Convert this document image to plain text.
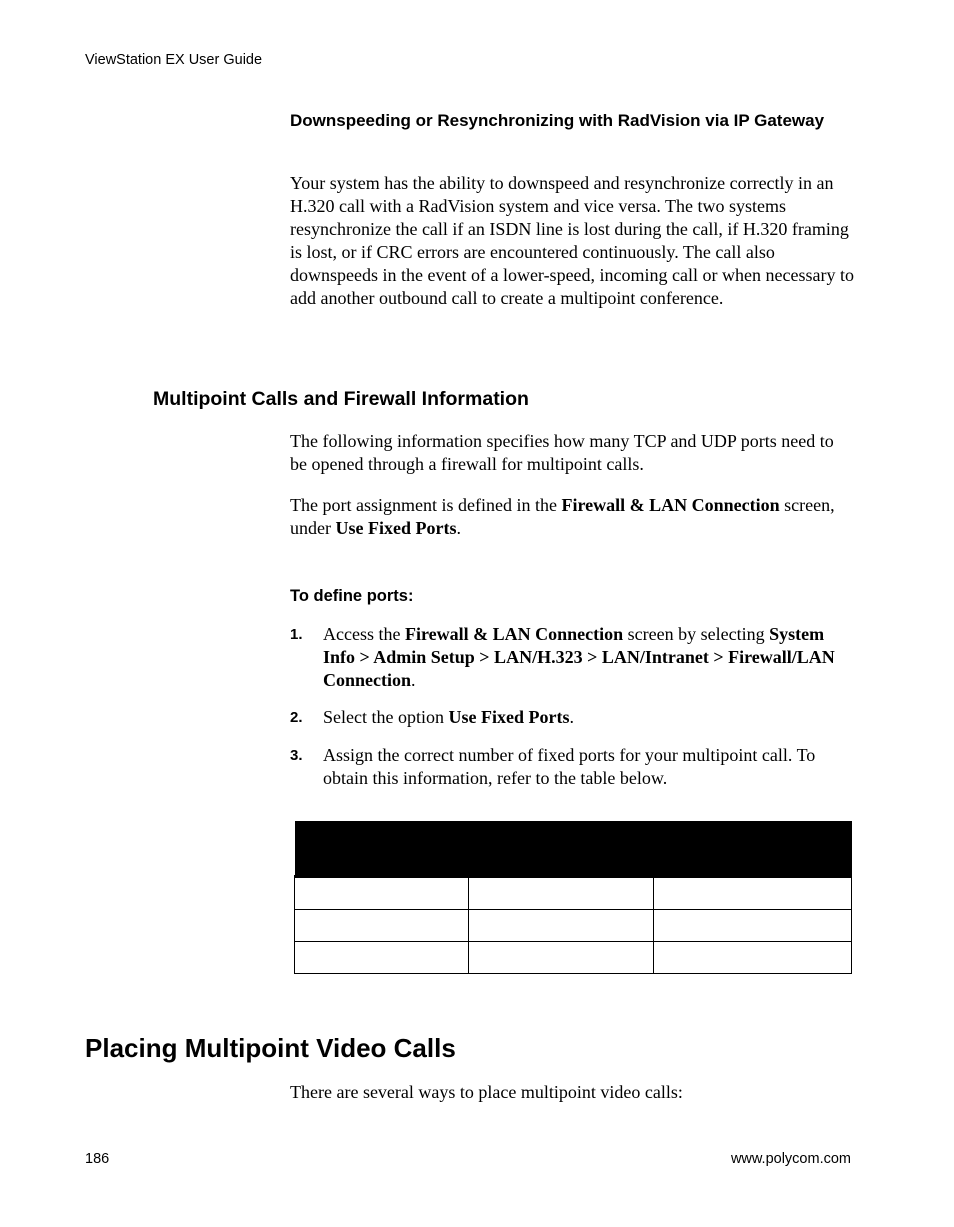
ViewStation EX User Guide
Downspeeding or Resynchronizing with RadVision via IP Gateway
Your system has the ability to downspeed and resynchronize correctly in an H.320 call with a RadVision system and vice versa. The two systems resynchronize the call if an ISDN line is lost during the call, if H.320 framing is lost, or if CRC errors are encountered continuously. The call also downspeeds in the event of a lower-speed, incoming call or when necessary to add another outbound call to create a multipoint conference.
Multipoint Calls and Firewall Information
The following information specifies how many TCP and UDP ports need to be opened through a firewall for multipoint calls.
The port assignment is defined in the Firewall & LAN Connection screen, under Use Fixed Ports.
To define ports:
1. Access the Firewall & LAN Connection screen by selecting System Info > Admin Setup > LAN/H.323 > LAN/Intranet > Firewall/LAN Connection.
2. Select the option Use Fixed Ports.
3. Assign the correct number of fixed ports for your multipoint call. To obtain this information, refer to the table below.

Placing Multipoint Video Calls
There are several ways to place multipoint video calls:
186	www.polycom.com
